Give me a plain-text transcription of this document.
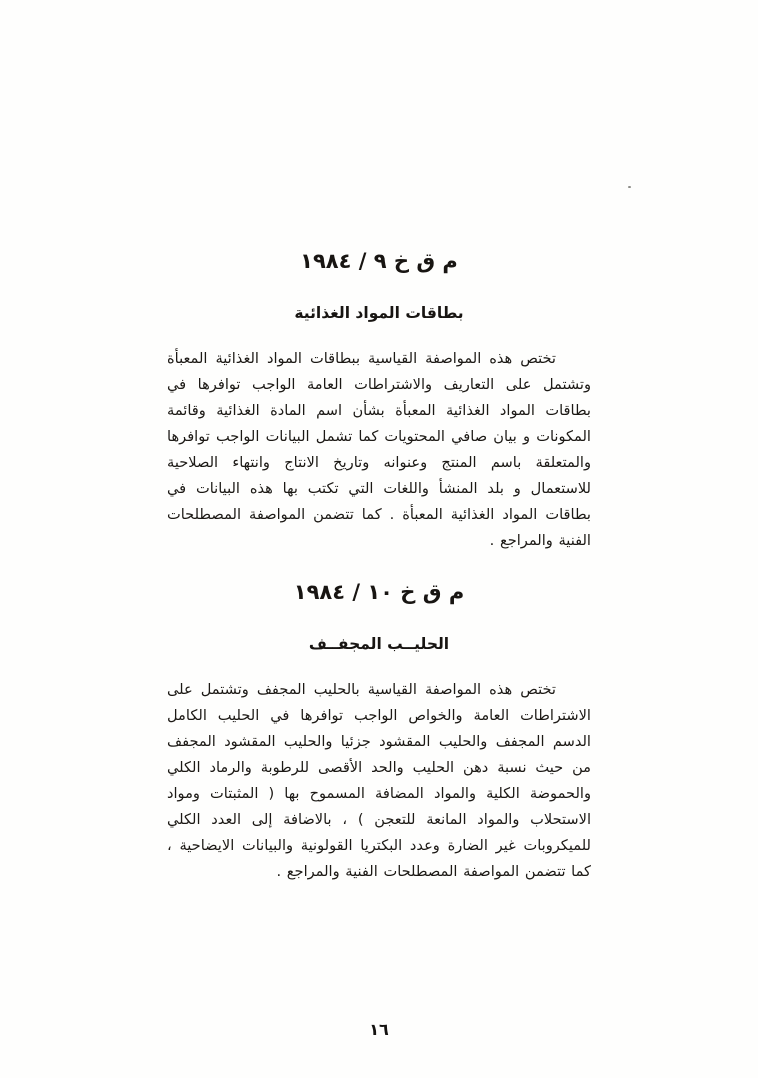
م ق خ ٩ / ١٩٨٤
بطاقات المواد الغذائية

تختص هذه المواصفة القياسية ببطاقات المواد الغذائية المعبأة وتشتمل على التعاريف والاشتراطات العامة الواجب توافرها في بطاقات المواد الغذائية المعبأة بشأن اسم المادة الغذائية وقائمة المكونات و بيان صافي المحتويات كما تشمل البيانات الواجب توافرها والمتعلقة باسم المنتج وعنوانه وتاريخ الانتاج وانتهاء الصلاحية للاستعمال و بلد المنشأ واللغات التي تكتب بها هذه البيانات في بطاقات المواد الغذائية المعبأة . كما تتضمن المواصفة المصطلحات الفنية والمراجع .

م ق خ ١٠ / ١٩٨٤
الحليــب المجفــف

تختص هذه المواصفة القياسية بالحليب المجفف وتشتمل على الاشتراطات العامة والخواص الواجب توافرها في الحليب الكامل الدسم المجفف والحليب المقشود جزئيا والحليب المقشود المجفف من حيث نسبة دهن الحليب والحد الأقصى للرطوبة والرماد الكلي والحموضة الكلية والمواد المضافة المسموح بها ( المثبتات ومواد الاستحلاب والمواد المانعة للتعجن ) ، بالاضافة إلى العدد الكلي للميكروبات غير الضارة وعدد البكتريا القولونية والبيانات الايضاحية ، كما تتضمن المواصفة المصطلحات الفنية والمراجع .

١٦
